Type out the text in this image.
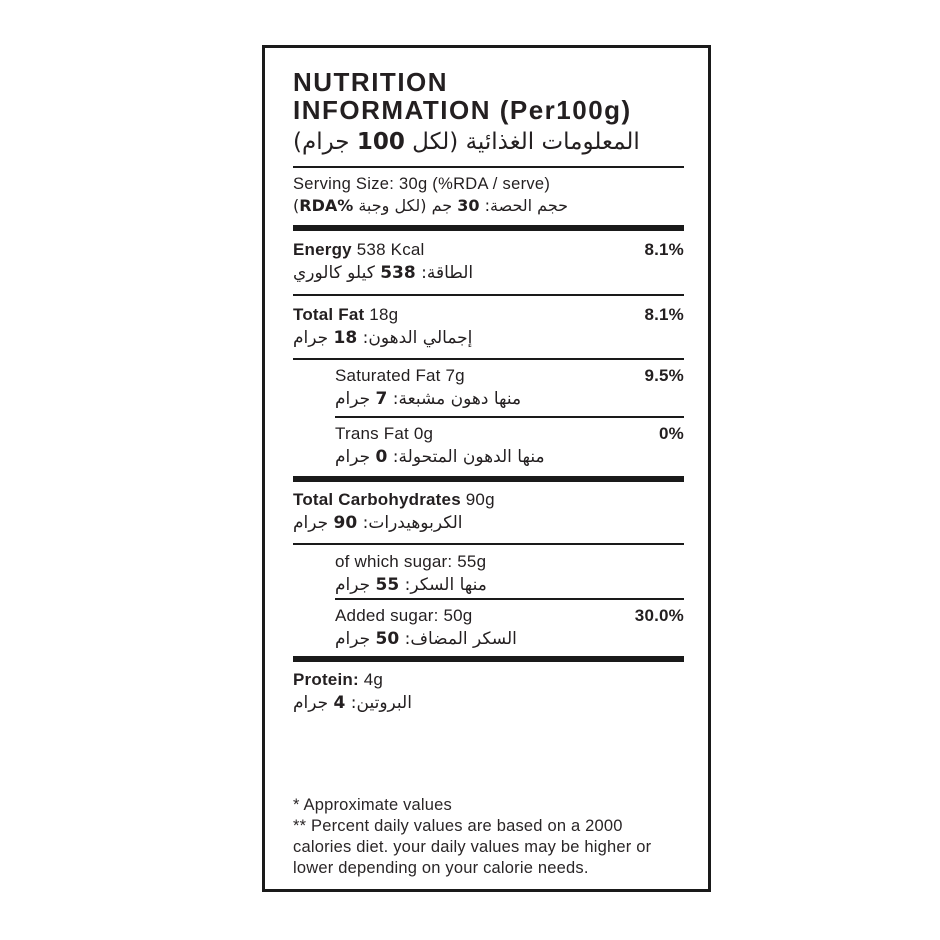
NUTRITION
INFORMATION (Per100g)
المعلومات الغذائية (لكل 100 جرام)
Serving Size: 30g (%RDA / serve)
حجم الحصة: 30 جم (لكل وجبة %RDA)
Energy 538 Kcal	8.1%
الطاقة: 538 كيلو كالوري
Total Fat 18g	8.1%
إجمالي الدهون: 18 جرام
Saturated Fat 7g	9.5%
منها دهون مشبعة: 7 جرام
Trans Fat 0g	0%
منها الدهون المتحولة: 0 جرام
Total Carbohydrates 90g
الكربوهيدرات: 90 جرام
of which sugar: 55g
منها السكر: 55 جرام
Added sugar: 50g	30.0%
السكر المضاف: 50 جرام
Protein: 4g
البروتين: 4 جرام
* Approximate values
** Percent daily values are based on a 2000 calories diet. your daily values may be higher or lower depending on your calorie needs.
